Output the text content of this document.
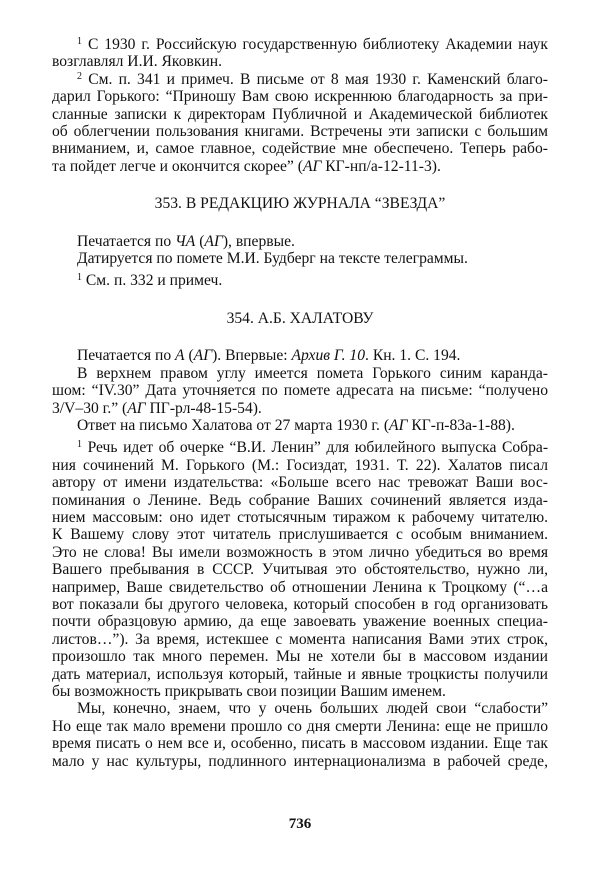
$^1$ С 1930 г. Российскую государственную библиотеку Академии наук
возглавлял И.И. Яковкин.
$^2$ См. п. 341 и примеч. В письме от 8 мая 1930 г. Каменский благо-
дарил Горького: “Приношу Вам свою искреннюю благодарность за при-
сланные записки к директорам Публичной и Академической библиотек
об облегчении пользования книгами. Встречены эти записки с большим
вниманием, и, самое главное, содействие мне обеспечено. Теперь рабо-
та пойдет легче и окончится скорее” (АГ КГ-нп/а-12-11-3).
353. В РЕДАКЦИЮ ЖУРНАЛА “ЗВЕЗДА”
Печатается по ЧА (АГ), впервые.
Датируется по помете М.И. Будберг на тексте телеграммы.
$^1$ См. п. 332 и примеч.
354. А.Б. ХАЛАТОВУ
Печатается по А (АГ). Впервые: Архив Г. 10. Кн. 1. С. 194.
В верхнем правом углу имеется помета Горького синим каранда-
шом: “IV.30” Дата уточняется по помете адресата на письме: “получено
3/V–30 г.” (АГ ПГ-рл-48-15-54).
Ответ на письмо Халатова от 27 марта 1930 г. (АГ КГ-п-83а-1-88).
$^1$ Речь идет об очерке “В.И. Ленин” для юбилейного выпуска Собра-
ния сочинений М. Горького (М.: Госиздат, 1931. Т. 22). Халатов писал
автору от имени издательства: «Больше всего нас тревожат Ваши вос-
поминания о Ленине. Ведь собрание Ваших сочинений является изда-
нием массовым: оно идет стотысячным тиражом к рабочему читателю.
К Вашему слову этот читатель прислушивается с особым вниманием.
Это не слова! Вы имели возможность в этом лично убедиться во время
Вашего пребывания в СССР. Учитывая это обстоятельство, нужно ли,
например, Ваше свидетельство об отношении Ленина к Троцкому (“…а
вот показали бы другого человека, который способен в год организовать
почти образцовую армию, да еще завоевать уважение военных специа-
листов…”). За время, истекшее с момента написания Вами этих строк,
произошло так много перемен. Мы не хотели бы в массовом издании
дать материал, используя который, тайные и явные троцкисты получили
бы возможность прикрывать свои позиции Вашим именем.
Мы, конечно, знаем, что у очень больших людей свои “слабости”
Но еще так мало времени прошло со дня смерти Ленина: еще не пришло
время писать о нем все и, особенно, писать в массовом издании. Еще так
мало у нас культуры, подлинного интернационализма в рабочей среде,
736
